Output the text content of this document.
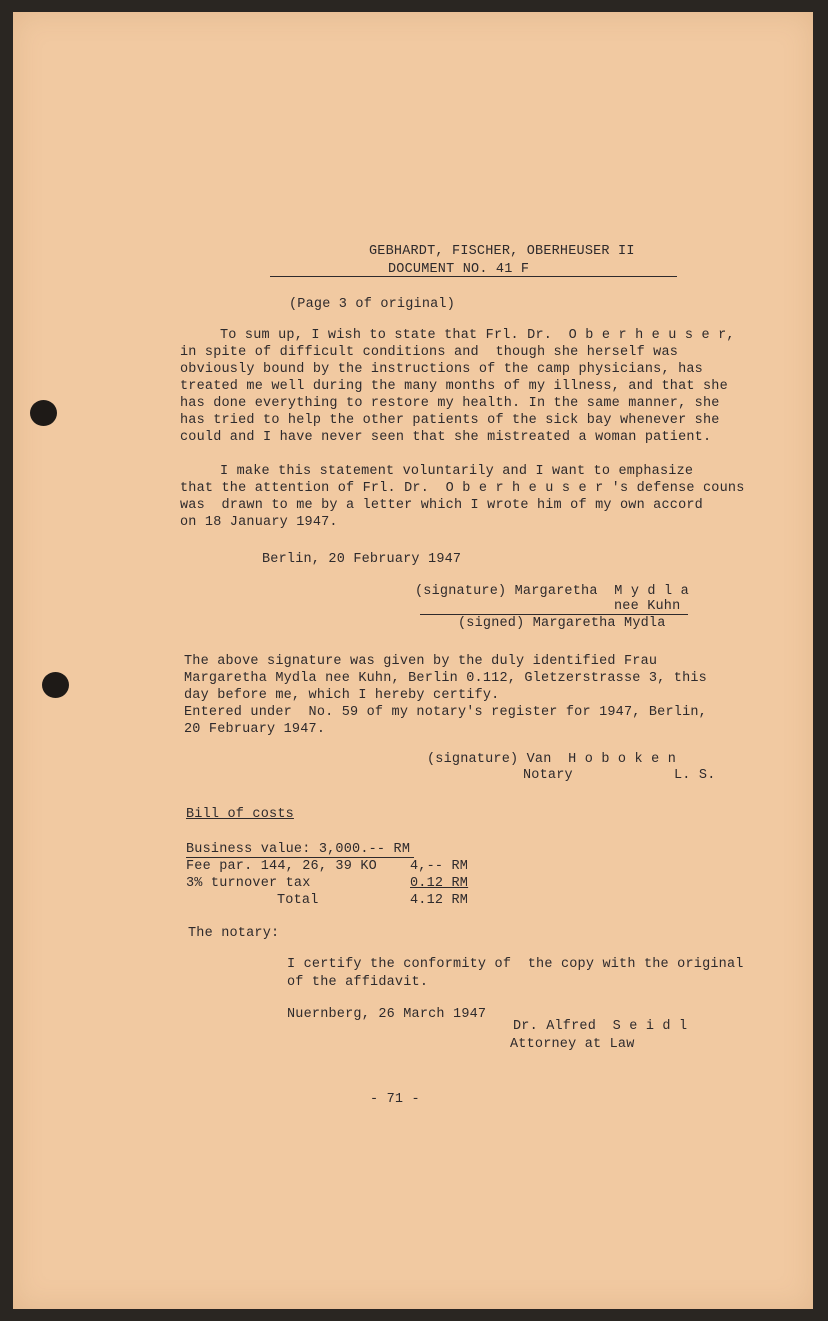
GEBHARDT, FISCHER, OBERHEUSER II
DOCUMENT NO. 41 F
(Page 3 of original)
To sum up, I wish to state that Frl. Dr.  O b e r h e u s e r,
in spite of difficult conditions and  though she herself was
obviously bound by the instructions of the camp physicians, has
treated me well during the many months of my illness, and that she
has done everything to restore my health. In the same manner, she
has tried to help the other patients of the sick bay whenever she
could and I have never seen that she mistreated a woman patient.
I make this statement voluntarily and I want to emphasize
that the attention of Frl. Dr.  O b e r h e u s e r 's defense couns
was  drawn to me by a letter which I wrote him of my own accord
on 18 January 1947.
Berlin, 20 February 1947
(signature) Margaretha  M y d l a
nee Kuhn
(signed) Margaretha Mydla
The above signature was given by the duly identified Frau
Margaretha Mydla nee Kuhn, Berlin 0.112, Gletzerstrasse 3, this
day before me, which I hereby certify.
Entered under  No. 59 of my notary's register for 1947, Berlin,
20 February 1947.
(signature) Van  H o b o k e n
Notary	L. S.
Bill of costs
Business value: 3,000.-- RM
Fee par. 144, 26, 39 KO 4,-- RM
3% turnover tax	0.12 RM
Total	4.12 RM
The notary:
I certify the conformity of  the copy with the original
of the affidavit.
Nuernberg, 26 March 1947
Dr. Alfred  S e i d l
Attorney at Law
- 71 -
